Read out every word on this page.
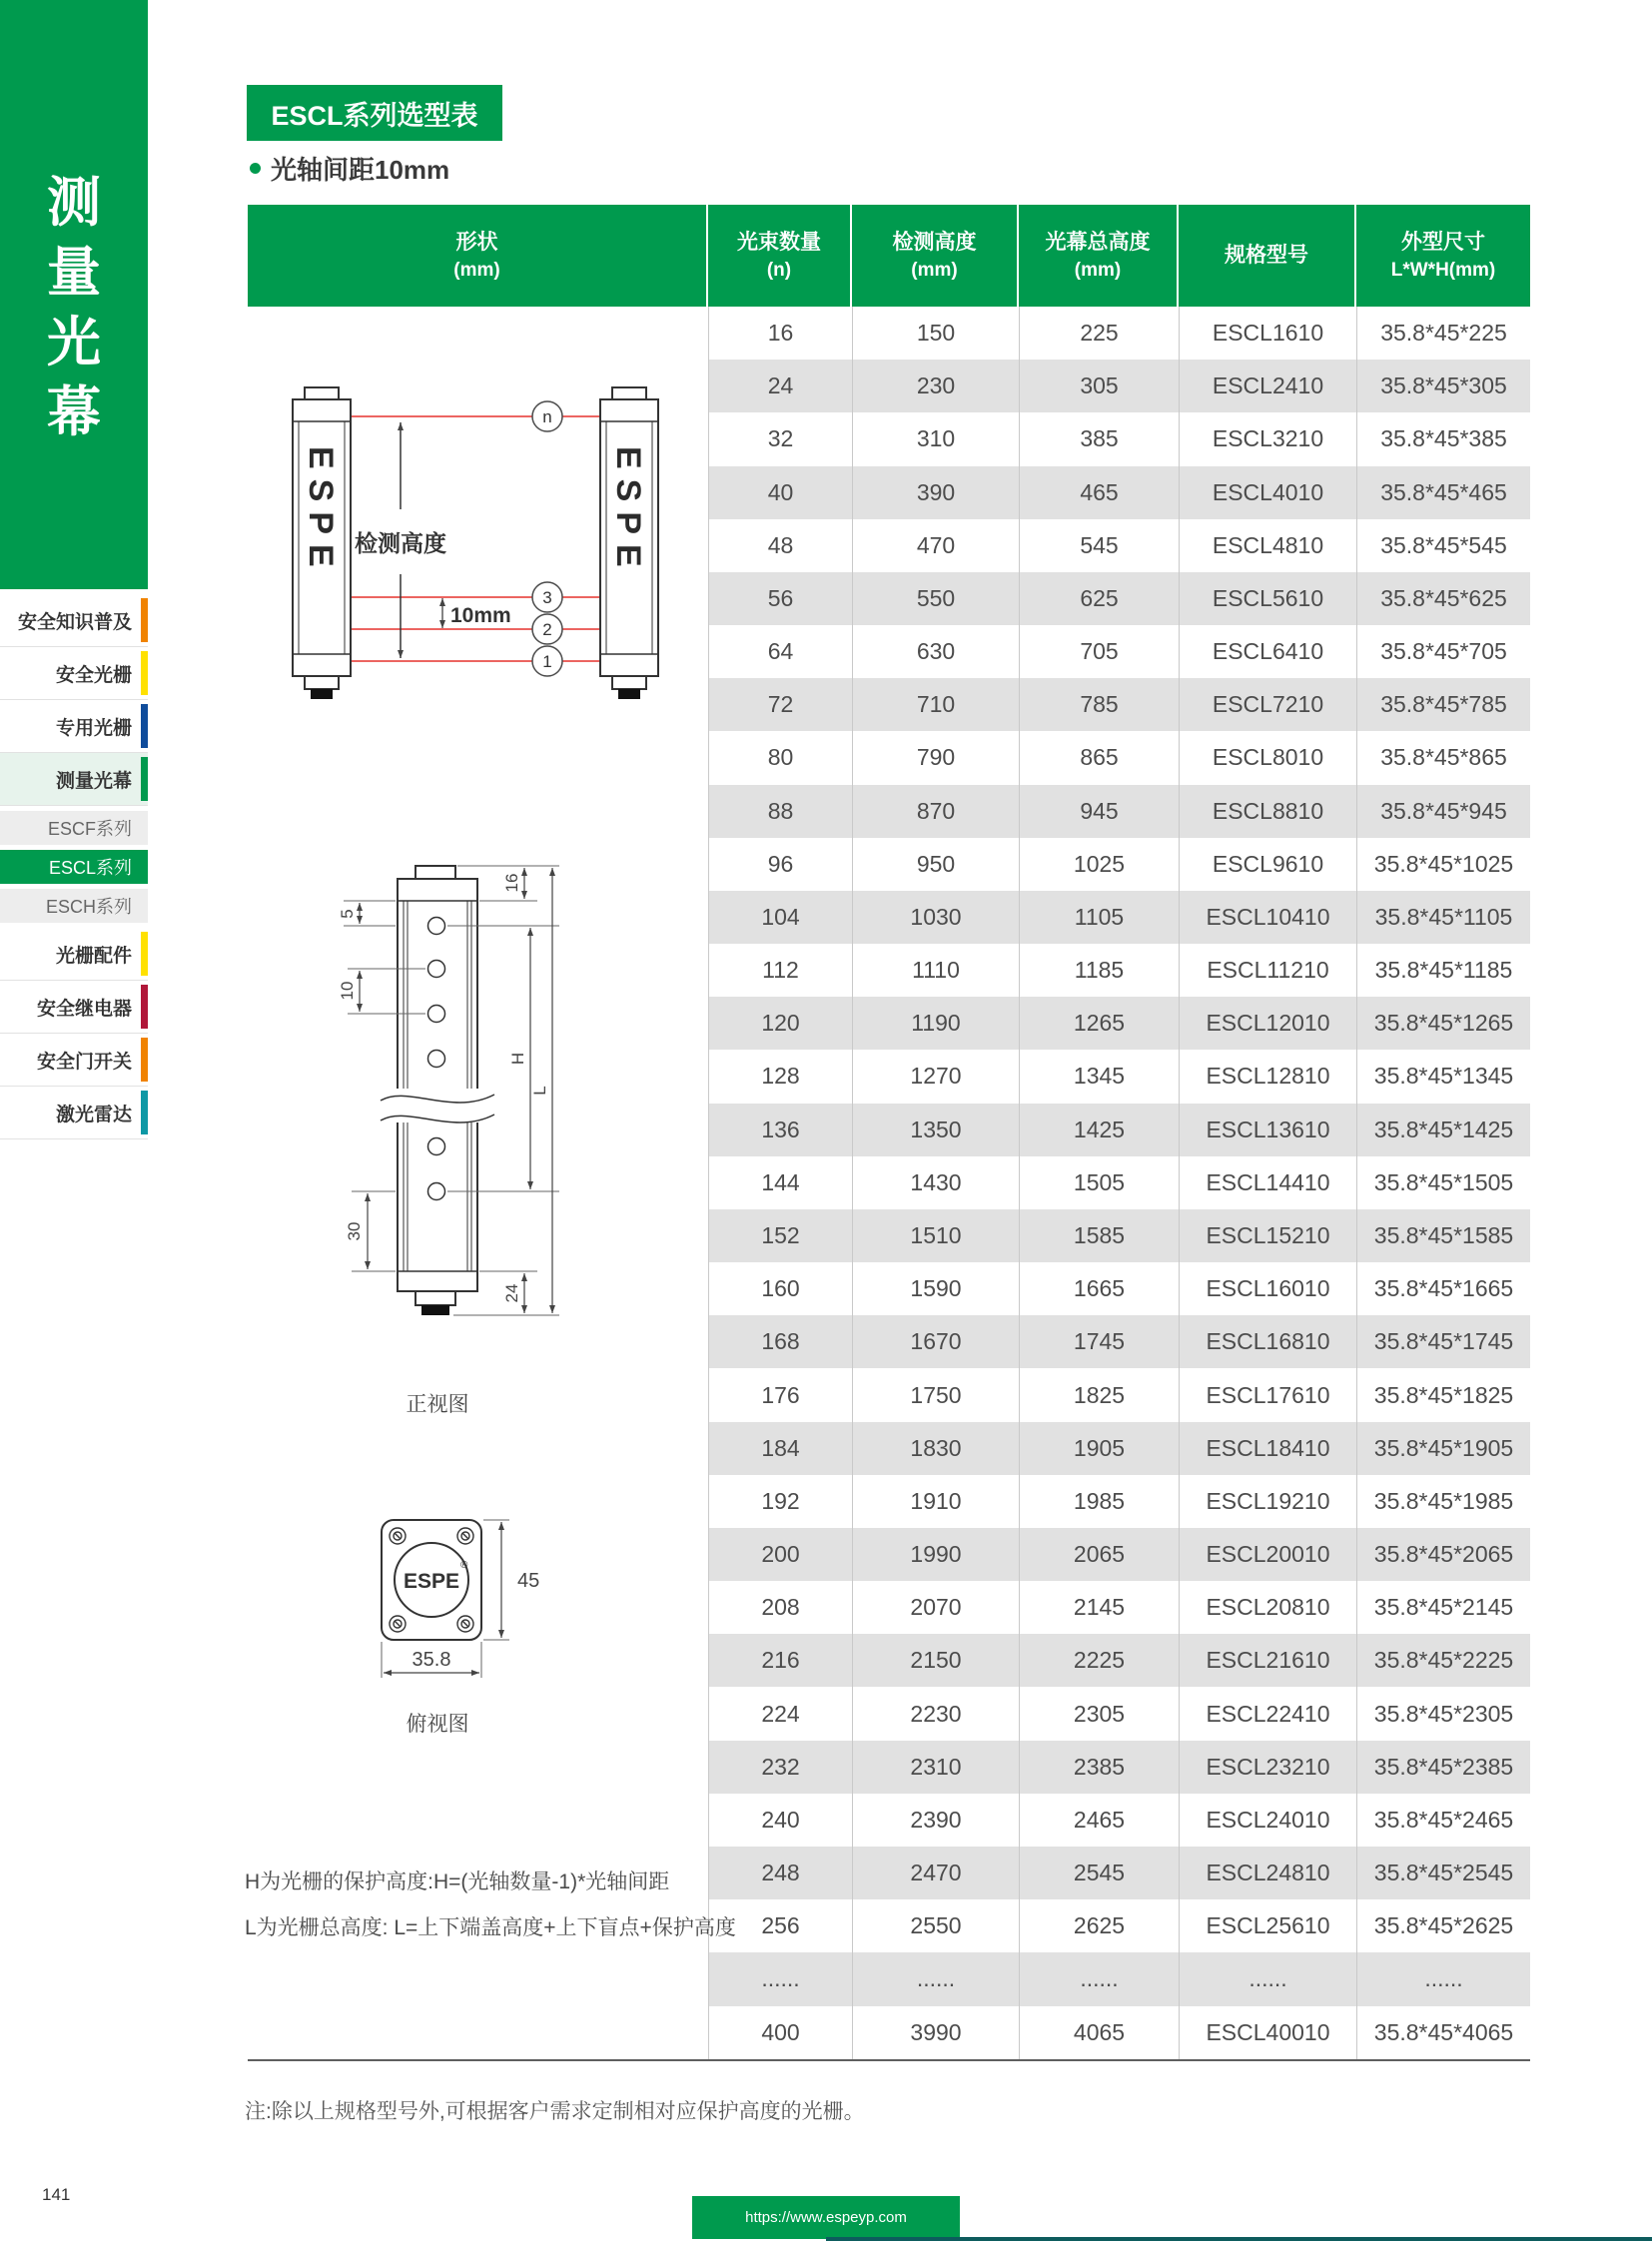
测
量
光
幕
安全知识普及
安全光栅
专用光栅
测量光幕
ESCF系列
ESCL系列
ESCH系列
光栅配件
安全继电器
安全门开关
激光雷达
ESCL系列选型表
光轴间距10mm
形状
(mm)
光束数量
(n)
检测高度
(mm)
光幕总高度
(mm)
规格型号
外型尺寸
L*W*H(mm)
16	150	225	ESCL1610	35.8*45*225
24	230	305	ESCL2410	35.8*45*305
32	310	385	ESCL3210	35.8*45*385
40	390	465	ESCL4010	35.8*45*465
48	470	545	ESCL4810	35.8*45*545
56	550	625	ESCL5610	35.8*45*625
64	630	705	ESCL6410	35.8*45*705
72	710	785	ESCL7210	35.8*45*785
80	790	865	ESCL8010	35.8*45*865
88	870	945	ESCL8810	35.8*45*945
96	950	1025	ESCL9610	35.8*45*1025
104	1030	1105	ESCL10410	35.8*45*1105
112	1110	1185	ESCL11210	35.8*45*1185
120	1190	1265	ESCL12010	35.8*45*1265
128	1270	1345	ESCL12810	35.8*45*1345
136	1350	1425	ESCL13610	35.8*45*1425
144	1430	1505	ESCL14410	35.8*45*1505
152	1510	1585	ESCL15210	35.8*45*1585
160	1590	1665	ESCL16010	35.8*45*1665
168	1670	1745	ESCL16810	35.8*45*1745
176	1750	1825	ESCL17610	35.8*45*1825
184	1830	1905	ESCL18410	35.8*45*1905
192	1910	1985	ESCL19210	35.8*45*1985
200	1990	2065	ESCL20010	35.8*45*2065
208	2070	2145	ESCL20810	35.8*45*2145
216	2150	2225	ESCL21610	35.8*45*2225
224	2230	2305	ESCL22410	35.8*45*2305
232	2310	2385	ESCL23210	35.8*45*2385
240	2390	2465	ESCL24010	35.8*45*2465
248	2470	2545	ESCL24810	35.8*45*2545
256	2550	2625	ESCL25610	35.8*45*2625
......	......	......	......	......
400	3990	4065	ESCL40010	35.8*45*4065
ESPE	ESPE
检测高度
10mm
n
3
2
1
16
5
10
30
24
H
L
正视图
ESPE
®
45
35.8
俯视图
H为光栅的保护高度:H=(光轴数量-1)*光轴间距
L为光栅总高度: L=上下端盖高度+上下盲点+保护高度
注:除以上规格型号外,可根据客户需求定制相对应保护高度的光栅。
141
https://www.espeyp.com
